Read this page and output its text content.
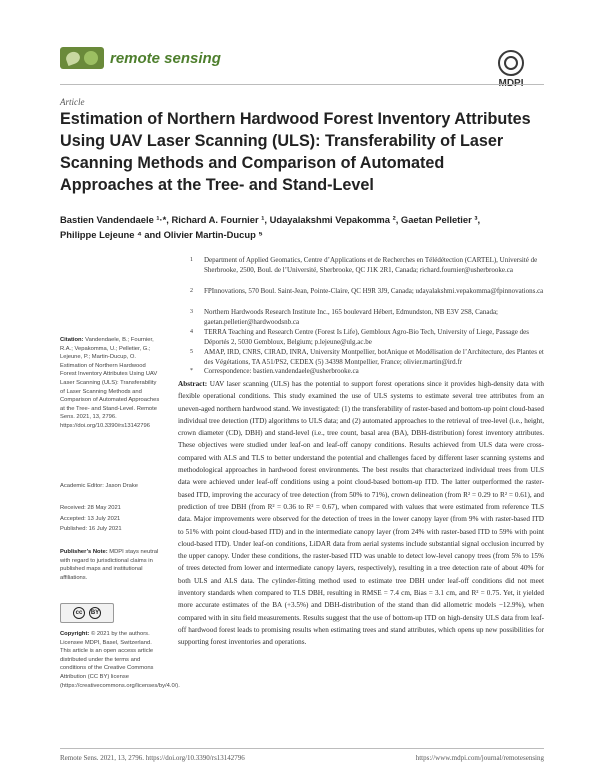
remote sensing
Article
Estimation of Northern Hardwood Forest Inventory Attributes Using UAV Laser Scanning (ULS): Transferability of Laser Scanning Methods and Comparison of Automated Approaches at the Tree- and Stand-Level
Bastien Vandendaele ¹·*, Richard A. Fournier ¹, Udayalakshmi Vepakomma ², Gaetan Pelletier ³,
Philippe Lejeune ⁴ and Olivier Martin-Ducup ⁵
1 Department of Applied Geomatics, Centre d’Applications et de Recherches en Télédétection (CARTEL), Université de Sherbrooke, 2500, Boul. de l’Université, Sherbrooke, QC J1K 2R1, Canada; richard.fournier@usherbrooke.ca
2 FPInnovations, 570 Boul. Saint-Jean, Pointe-Claire, QC H9R 3J9, Canada; udayalakshmi.vepakomma@fpinnovations.ca
3 Northern Hardwoods Research Institute Inc., 165 boulevard Hébert, Edmundston, NB E3V 2S8, Canada; gaetan.pelletier@hardwoodsnb.ca
4 TERRA Teaching and Research Centre (Forest Is Life), Gembloux Agro-Bio Tech, University of Liege, Passage des Déportés 2, 5030 Gembloux, Belgium; p.lejeune@ulg.ac.be
5 AMAP, IRD, CNRS, CIRAD, INRA, University Montpellier, botAnique et Modélisation de l’Architecture, des Plantes et des Végétations, TA A51/PS2, CEDEX (5) 34398 Montpellier, France; olivier.martin@ird.fr
Citation: Vandendaele, B.; Fournier, R.A.; Vepakomma, U.; Pelletier, G.; Lejeune, P.; Martin-Ducup, O. Estimation of Northern Hardwood Forest Inventory Attributes Using UAV Laser Scanning (ULS): Transferability of Laser Scanning Methods and Comparison of Automated Approaches at the Tree- and Stand-Level. Remote Sens. 2021, 13, 2796. https://doi.org/10.3390/rs13142796
Academic Editor: Jason Drake
Received: 28 May 2021
Accepted: 13 July 2021
Published: 16 July 2021
Publisher’s Note: MDPI stays neutral with regard to jurisdictional claims in published maps and institutional affiliations.
cc	BY
Copyright: © 2021 by the authors. Licensee MDPI, Basel, Switzerland. This article is an open access article distributed under the terms and conditions of the Creative Commons Attribution (CC BY) license (https://creativecommons.org/licenses/by/4.0/).
Abstract: UAV laser scanning (ULS) has the potential to support forest operations since it provides high-density data with flexible operational conditions. This study examined the use of ULS systems to estimate several tree attributes from an uneven-aged northern hardwood stand. We investigated: (1) the transferability of raster-based and bottom-up point cloud-based individual tree detection (ITD) algorithms to ULS data; and (2) automated approaches to the retrieval of tree-level (i.e., height, crown diameter (CD), DBH) and stand-level (i.e., tree count, basal area (BA), DBH-distribution) forest inventory attributes. These objectives were studied under leaf-on and leaf-off canopy conditions. Results achieved from ULS data were cross-compared with ALS and TLS to better understand the potential and challenges faced by different laser scanning systems and methodological approaches in hardwood forest environments. The best results that characterized individual trees from ULS data were achieved under leaf-off conditions using a point cloud-based bottom-up ITD. The latter outperformed the raster-based ITD, improving the accuracy of tree detection (from 50% to 71%), crown delineation (from R² = 0.29 to R² = 0.61), and prediction of tree DBH (from R² = 0.36 to R² = 0.67), when compared with values that were estimated from reference TLS data. Major improvements were observed for the detection of trees in the lower canopy layer (from 9% with raster-based ITD to 51% with point cloud-based ITD) and in the intermediate canopy layer (from 24% with raster-based ITD to 59% with point cloud-based ITD). Under leaf-on conditions, LiDAR data from aerial systems include substantial signal occlusion incurred by the upper canopy. Under these conditions, the raster-based ITD was unable to detect low-level canopy trees (from 5% to 15% of trees detected from lower and intermediate canopy layers, respectively), resulting in a tree detection rate of about 40% for both ULS and ALS data. The cylinder-fitting method used to estimate tree DBH under leaf-off conditions did not meet inventory standards when compared to TLS DBH, resulting in RMSE = 7.4 cm, Bias = 3.1 cm, and R² = 0.75. Yet, it yielded more accurate estimates of the BA (+3.5%) and DBH-distribution of the stand than did allometric models −12.9%), when compared with in situ field measurements. Results suggest that the use of bottom-up ITD on high-density ULS data from leaf-off hardwood forest leads to promising results when estimating trees and stand attributes, which opens up new possibilities for supporting forest inventories and operations.
Remote Sens. 2021, 13, 2796. https://doi.org/10.3390/rs13142796	https://www.mdpi.com/journal/remotesensing
* Correspondence: bastien.vandendaele@usherbrooke.ca
